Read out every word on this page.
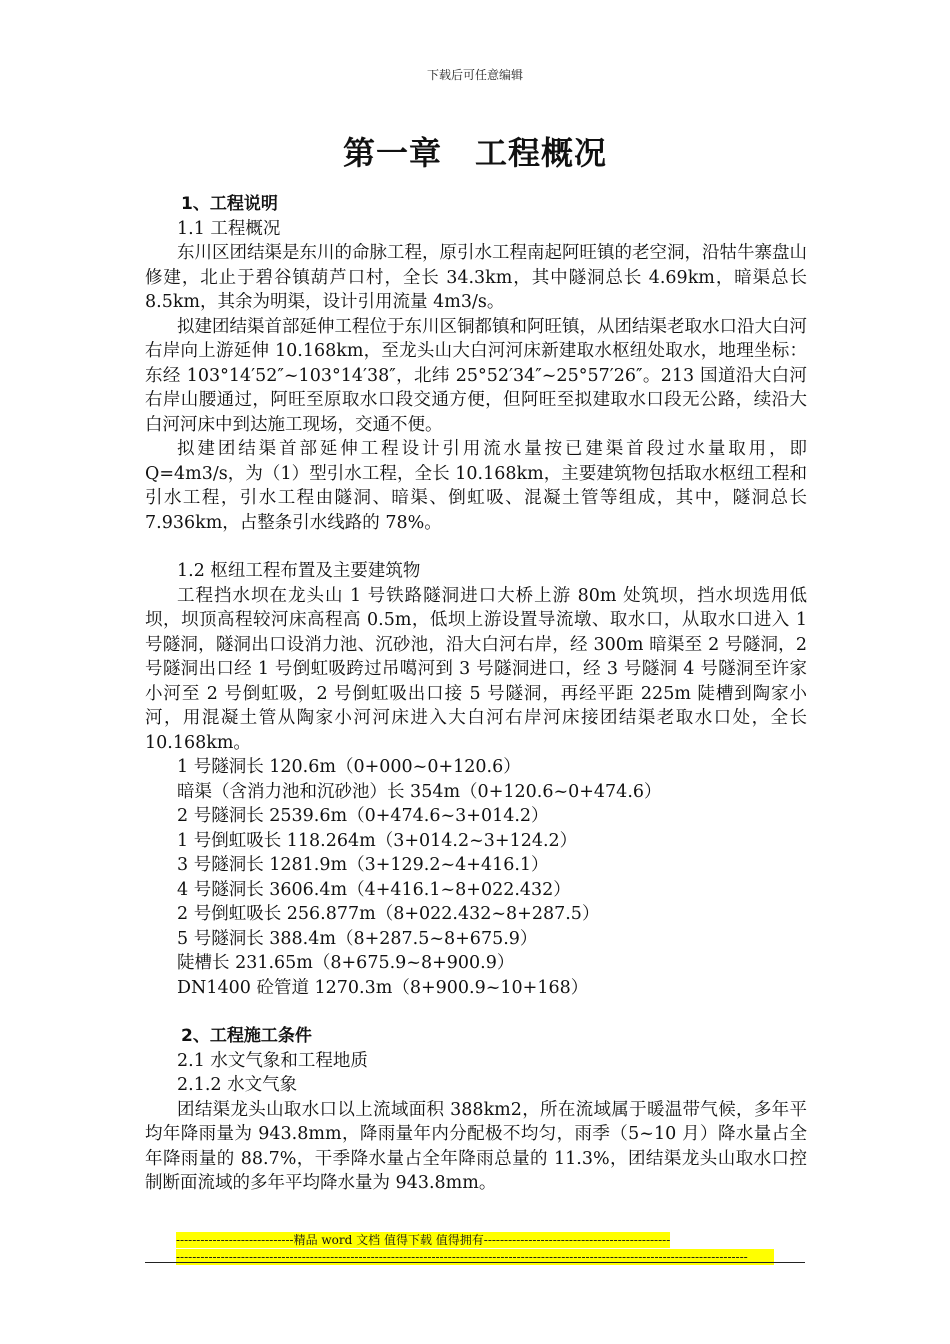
下载后可任意编辑
第一章　工程概况
1、工程说明
1.1 工程概况
东川区团结渠是东川的命脉工程，原引水工程南起阿旺镇的老空洞，沿牯牛寨盘山修建，北止于碧谷镇葫芦口村，全长 34.3km，其中隧洞总长 4.69km，暗渠总长 8.5km，其余为明渠，设计引用流量 4m3/s。
拟建团结渠首部延伸工程位于东川区铜都镇和阿旺镇，从团结渠老取水口沿大白河右岸向上游延伸 10.168km，至龙头山大白河河床新建取水枢纽处取水，地理坐标：东经 103°14′52″~103°14′38″，北纬 25°52′34″~25°57′26″。213 国道沿大白河右岸山腰通过，阿旺至原取水口段交通方便，但阿旺至拟建取水口段无公路，续沿大白河河床中到达施工现场，交通不便。
拟建团结渠首部延伸工程设计引用流水量按已建渠首段过水量取用，即 Q=4m3/s，为（1）型引水工程，全长 10.168km，主要建筑物包括取水枢纽工程和引水工程，引水工程由隧洞、暗渠、倒虹吸、混凝土管等组成，其中，隧洞总长 7.936km，占整条引水线路的 78%。
1.2 枢纽工程布置及主要建筑物
工程挡水坝在龙头山 1 号铁路隧洞进口大桥上游 80m 处筑坝，挡水坝选用低坝，坝顶高程较河床高程高 0.5m，低坝上游设置导流墩、取水口，从取水口进入 1 号隧洞，隧洞出口设消力池、沉砂池，沿大白河右岸，经 300m 暗渠至 2 号隧洞，2 号隧洞出口经 1 号倒虹吸跨过吊噶河到 3 号隧洞进口，经 3 号隧洞 4 号隧洞至许家小河至 2 号倒虹吸，2 号倒虹吸出口接 5 号隧洞，再经平距 225m 陡槽到陶家小河，用混凝土管从陶家小河河床进入大白河右岸河床接团结渠老取水口处，全长 10.168km。
1 号隧洞长 120.6m（0+000~0+120.6）
暗渠（含消力池和沉砂池）长 354m（0+120.6~0+474.6）
2 号隧洞长 2539.6m（0+474.6~3+014.2）
1 号倒虹吸长 118.264m（3+014.2~3+124.2）
3 号隧洞长 1281.9m（3+129.2~4+416.1）
4 号隧洞长 3606.4m（4+416.1~8+022.432）
2 号倒虹吸长 256.877m（8+022.432~8+287.5）
5 号隧洞长 388.4m（8+287.5~8+675.9）
陡槽长 231.65m（8+675.9~8+900.9）
DN1400 砼管道 1270.3m（8+900.9~10+168）
2、工程施工条件
2.1 水文气象和工程地质
2.1.2 水文气象
团结渠龙头山取水口以上流域面积 388km2，所在流域属于暖温带气候，多年平均年降雨量为 943.8mm，降雨量年内分配极不均匀，雨季（5~10 月）降水量占全年降雨量的 88.7%，干季降水量占全年降雨总量的 11.3%，团结渠龙头山取水口控制断面流域的多年平均降水量为 943.8mm。
-----------------------------精品 word 文档 值得下载 值得拥有----------------------------------------------
---------------------------------------------------------------------------------------------------------------------------------------------
